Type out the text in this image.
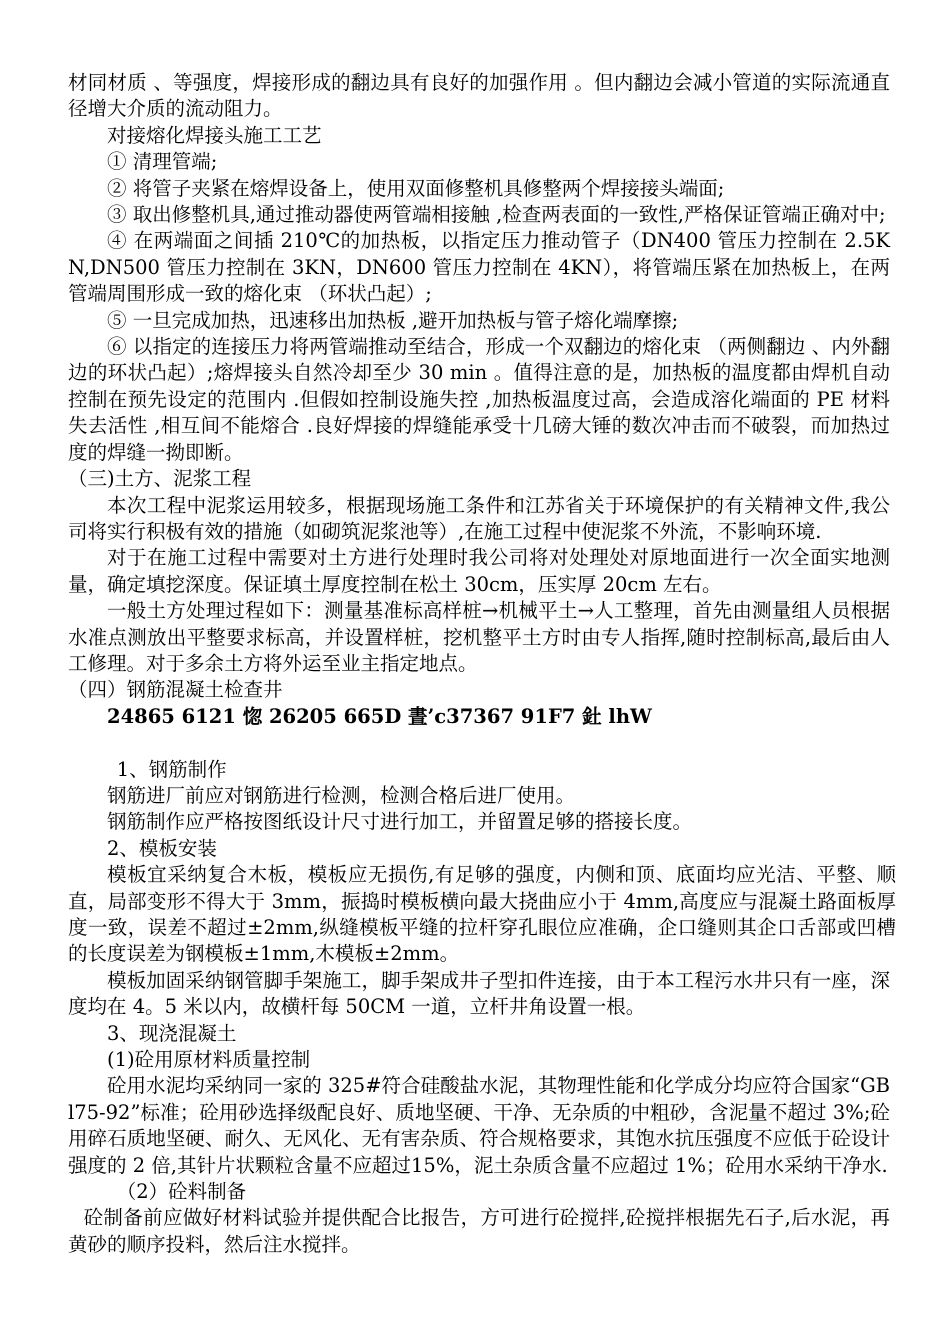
材同材质 、等强度，焊接形成的翻边具有良好的加强作用 。但内翻边会减小管道的实际流通直径增大介质的流动阻力。

对接熔化焊接头施工工艺

① 清理管端;

② 将管子夹紧在熔焊设备上，使用双面修整机具修整两个焊接接头端面;

③ 取出修整机具,通过推动器使两管端相接触 ,检查两表面的一致性,严格保证管端正确对中;

④ 在两端面之间插 210℃的加热板，以指定压力推动管子（DN400 管压力控制在 2.5KN,DN500 管压力控制在 3KN，DN600 管压力控制在 4KN），将管端压紧在加热板上，在两管端周围形成一致的熔化束 （环状凸起）;

⑤ 一旦完成加热，迅速移出加热板 ,避开加热板与管子熔化端摩擦;

⑥ 以指定的连接压力将两管端推动至结合，形成一个双翻边的熔化束 （两侧翻边 、内外翻边的环状凸起）;熔焊接头自然冷却至少 30 min 。值得注意的是，加热板的温度都由焊机自动控制在预先设定的范围内 .但假如控制设施失控 ,加热板温度过高，会造成溶化端面的 PE 材料失去活性 ,相互间不能熔合 .良好焊接的焊缝能承受十几磅大锤的数次冲击而不破裂，而加热过度的焊缝一拗即断。

（三)土方、泥浆工程

本次工程中泥浆运用较多，根据现场施工条件和江苏省关于环境保护的有关精神文件,我公司将实行积极有效的措施（如砌筑泥浆池等）,在施工过程中使泥浆不外流，不影响环境.

对于在施工过程中需要对土方进行处理时我公司将对处理处对原地面进行一次全面实地测量，确定填挖深度。保证填土厚度控制在松土 30cm，压实厚 20cm 左右。

一般土方处理过程如下：测量基准标高样桩→机械平土→人工整理，首先由测量组人员根据水准点测放出平整要求标高，并设置样桩，挖机整平土方时由专人指挥,随时控制标高,最后由人工修理。对于多余土方将外运至业主指定地点。

（四）钢筋混凝土检查井

24865 6121 惚 26205 665D 晝’c37367 91F7 釷 lhW

1、钢筋制作

钢筋进厂前应对钢筋进行检测，检测合格后进厂使用。

钢筋制作应严格按图纸设计尺寸进行加工，并留置足够的搭接长度。

2、模板安装

模板宜采纳复合木板，模板应无损伤,有足够的强度，内侧和顶、底面均应光洁、平整、顺直，局部变形不得大于 3mm，振捣时模板横向最大挠曲应小于 4mm,高度应与混凝土路面板厚度一致，误差不超过±2mm,纵缝模板平缝的拉杆穿孔眼位应准确，企口缝则其企口舌部或凹槽的长度误差为钢模板±1mm,木模板±2mm。

模板加固采纳钢管脚手架施工，脚手架成井子型扣件连接，由于本工程污水井只有一座，深度均在 4。5 米以内，故横杆每 50CM 一道，立杆井角设置一根。

3、现浇混凝土

(1)砼用原材料质量控制

砼用水泥均采纳同一家的 325#符合硅酸盐水泥，其物理性能和化学成分均应符合国家“GBl75-92”标准；砼用砂选择级配良好、质地坚硬、干净、无杂质的中粗砂，含泥量不超过 3%;砼用碎石质地坚硬、耐久、无风化、无有害杂质、符合规格要求，其饱水抗压强度不应低于砼设计强度的 2 倍,其针片状颗粒含量不应超过15%，泥土杂质含量不应超过 1%；砼用水采纳干净水.

（2）砼料制备

砼制备前应做好材料试验并提供配合比报告，方可进行砼搅拌,砼搅拌根据先石子,后水泥，再黄砂的顺序投料，然后注水搅拌。
